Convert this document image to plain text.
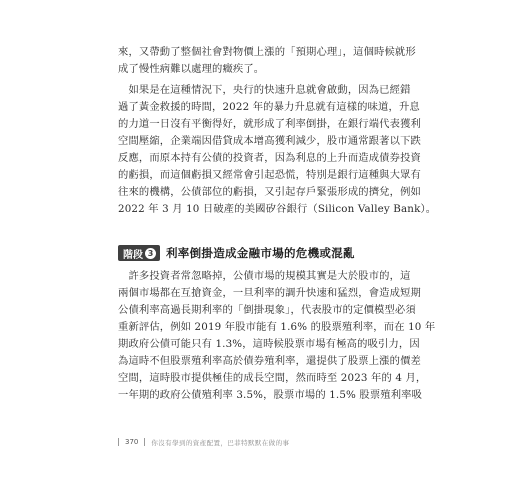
來，又帶動了整個社會對物價上漲的「預期心理」，這個時候就形
成了慢性病難以處理的癥疾了。
　如果是在這種情況下，央行的快速升息就會啟動，因為已經錯
過了黃金救援的時間，2022 年的暴力升息就有這樣的味道，升息
的力道一日沒有平衡得好，就形成了利率倒掛，在銀行端代表獲利
空間壓縮，企業端因借貸成本增高獲利減少，股市通常跟著以下跌
反應，而原本持有公債的投資者，因為利息的上升而造成債券投資
的虧損，而這個虧損又經常會引起恐慌，特別是銀行這種與大眾有
往來的機構，公債部位的虧損，又引起存戶緊張形成的擠兌，例如
2022 年 3 月 10 日破產的美國矽谷銀行（Silicon Valley Bank）。
階段 3 利率倒掛造成金融市場的危機或混亂
　許多投資者常忽略掉，公債市場的規模其實是大於股市的，這
兩個市場都在互搶資金，一旦利率的調升快速和猛烈，會造成短期
公債利率高過長期利率的「倒掛現象」，代表股市的定價模型必須
重新評估，例如 2019 年股市能有 1.6% 的股票殖利率，而在 10 年
期政府公債可能只有 1.3%，這時候股票市場有極高的吸引力，因
為這時不但股票殖利率高於債券殖利率，還提供了股票上漲的價差
空間，這時股市提供極佳的成長空間，然而時至 2023 年的 4 月，
一年期的政府公債殖利率 3.5%，股票市場的 1.5% 股票殖利率吸
370 你沒有學到的資產配置，巴菲特默默在做的事
